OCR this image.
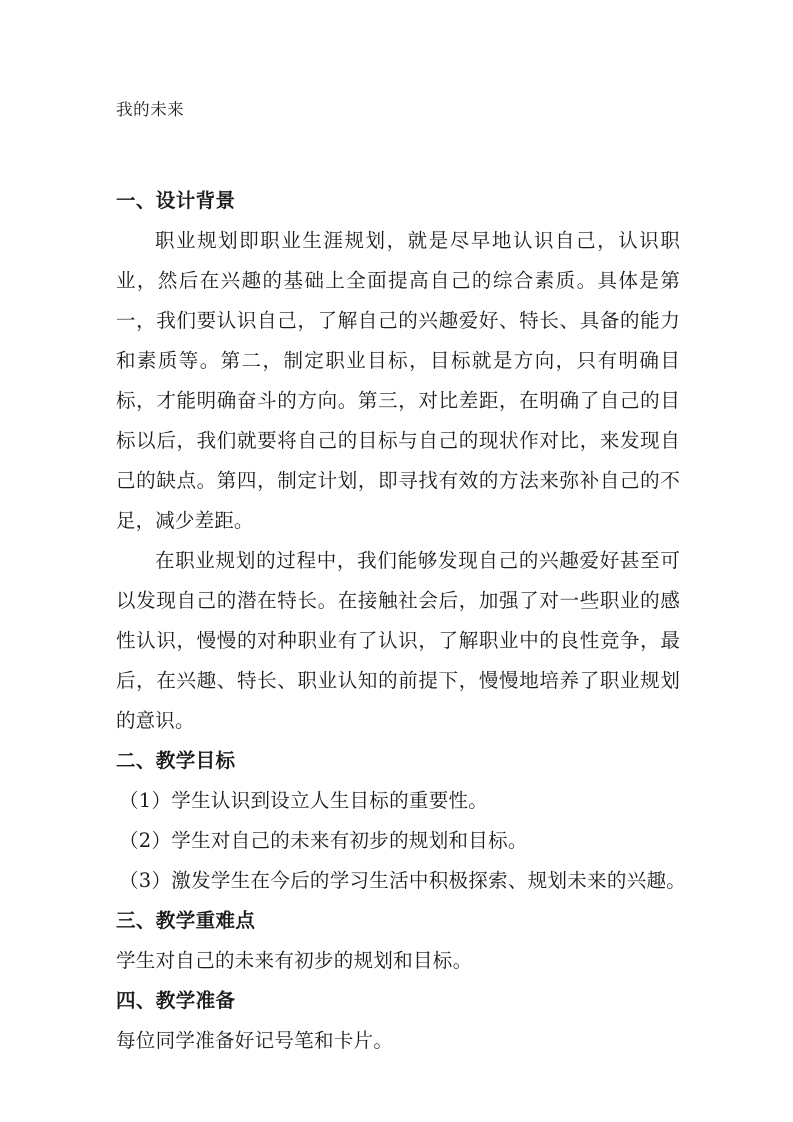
我的未来

一、设计背景

职业规划即职业生涯规划，就是尽早地认识自己，认识职业，然后在兴趣的基础上全面提高自己的综合素质。具体是第一，我们要认识自己，了解自己的兴趣爱好、特长、具备的能力和素质等。第二，制定职业目标，目标就是方向，只有明确目标，才能明确奋斗的方向。第三，对比差距，在明确了自己的目标以后，我们就要将自己的目标与自己的现状作对比，来发现自己的缺点。第四，制定计划，即寻找有效的方法来弥补自己的不足，减少差距。

在职业规划的过程中，我们能够发现自己的兴趣爱好甚至可以发现自己的潜在特长。在接触社会后，加强了对一些职业的感性认识，慢慢的对种职业有了认识，了解职业中的良性竞争，最后，在兴趣、特长、职业认知的前提下，慢慢地培养了职业规划的意识。

二、教学目标

（1）学生认识到设立人生目标的重要性。

（2）学生对自己的未来有初步的规划和目标。

（3）激发学生在今后的学习生活中积极探索、规划未来的兴趣。

三、教学重难点

学生对自己的未来有初步的规划和目标。

四、教学准备

每位同学准备好记号笔和卡片。
